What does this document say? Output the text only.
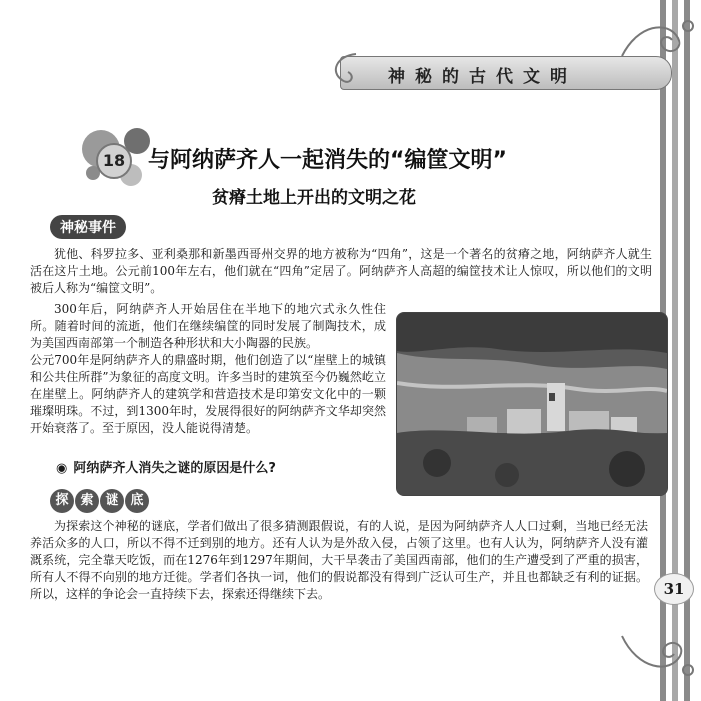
神秘的古代文明
18	与阿纳萨齐人一起消失的“编筐文明”
贫瘠土地上开出的文明之花
神秘事件

犹他、科罗拉多、亚利桑那和新墨西哥州交界的地方被称为“四角”，这是一个著名的贫瘠之地，阿纳萨齐人就生活在这片土地。公元前100年左右，他们就在“四角”定居了。阿纳萨齐人高超的编筐技术让人惊叹，所以他们的文明被后人称为“编筐文明”。

300年后，阿纳萨齐人开始居住在半地下的地穴式永久性住所。随着时间的流逝，他们在继续编筐的同时发展了制陶技术，成为美国西南部第一个制造各种形状和大小陶器的民族。

公元700年是阿纳萨齐人的鼎盛时期，他们创造了以“崖壁上的城镇和公共住所群”为象征的高度文明。许多当时的建筑至今仍巍然屹立在崖壁上。阿纳萨齐人的建筑学和营造技术是印第安文化中的一颗璀璨明珠。不过，到1300年时，发展得很好的阿纳萨齐文华却突然开始衰落了。至于原因，没人能说得清楚。

◉ 阿纳萨齐人消失之谜的原因是什么?
探 索 谜 底

为探索这个神秘的谜底，学者们做出了很多猜测跟假说，有的人说，是因为阿纳萨齐人人口过剩，当地已经无法养活众多的人口，所以不得不迁到别的地方。还有人认为是外敌入侵，占领了这里。也有人认为，阿纳萨齐人没有灌溉系统，完全靠天吃饭，而在1276年到1297年期间，大干旱袭击了美国西南部，他们的生产遭受到了严重的损害，所有人不得不向别的地方迁徙。学者们各执一词，他们的假说都没有得到广泛认可生产，并且也都缺乏有利的证据。所以，这样的争论会一直持续下去，探索还得继续下去。	31
